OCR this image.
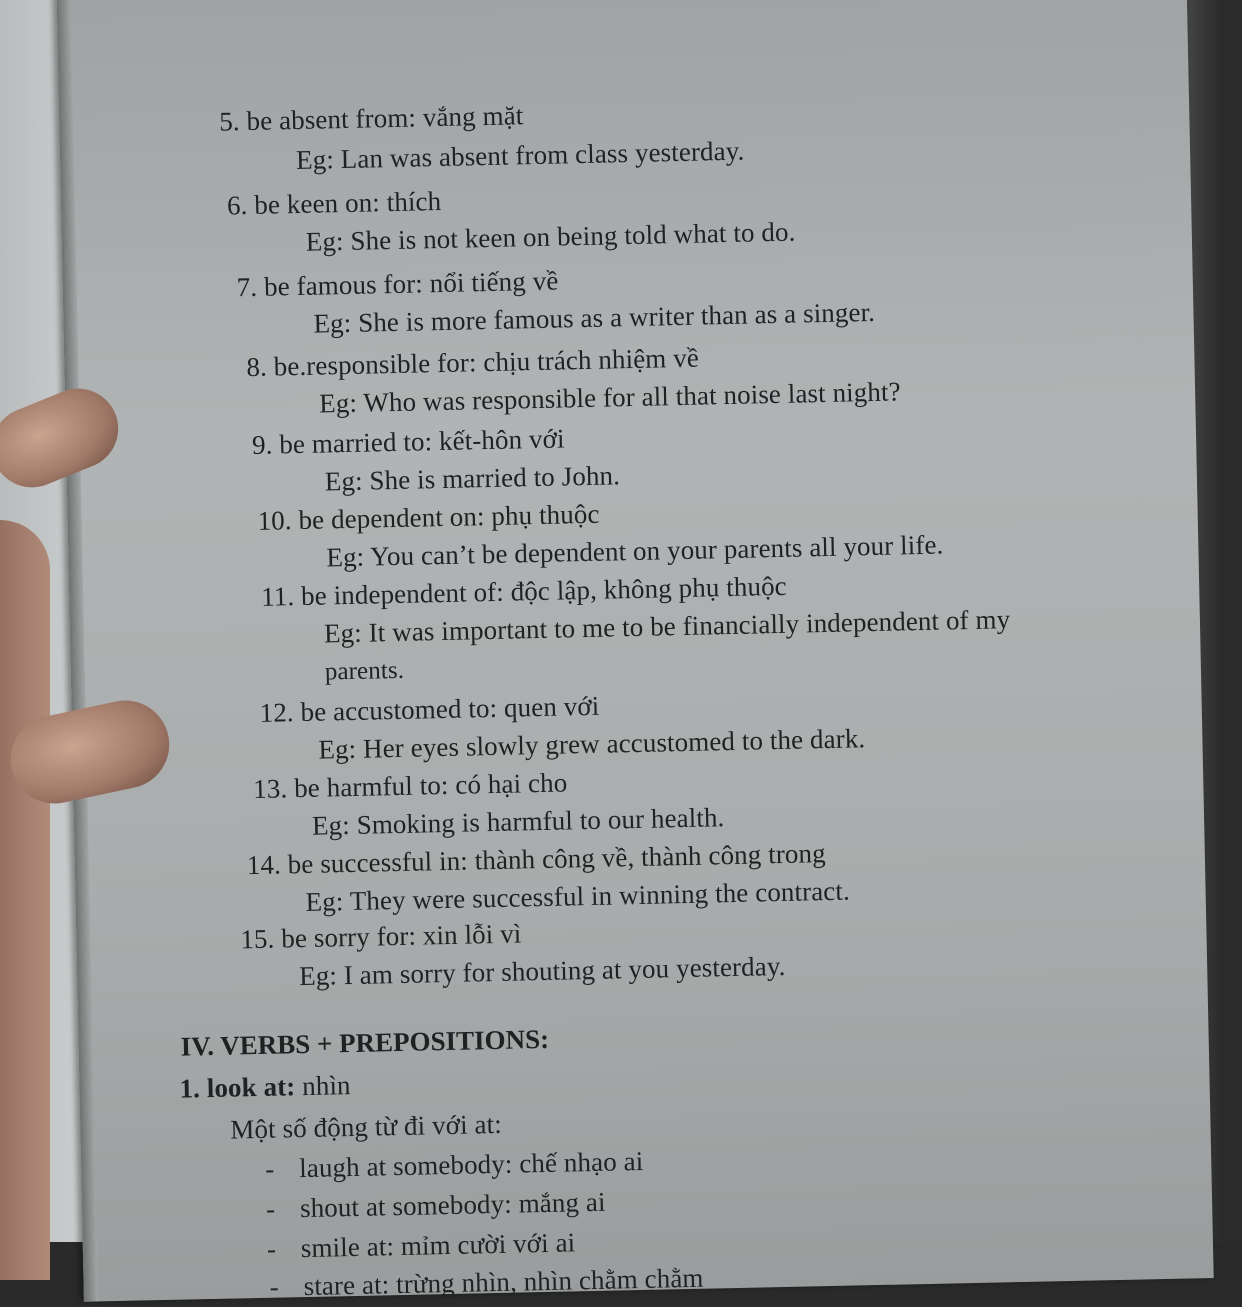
5. be absent from: vắng mặt
Eg: Lan was absent from class yesterday.
6. be keen on: thích
Eg: She is not keen on being told what to do.
7. be famous for: nổi tiếng về
Eg: She is more famous as a writer than as a singer.
8. be.responsible for: chịu trách nhiệm về
Eg: Who was responsible for all that noise last night?
9. be married to: kết-hôn với
Eg: She is married to John.
10. be dependent on: phụ thuộc
Eg: You can’t be dependent on your parents all your life.
11. be independent of: độc lập, không phụ thuộc
Eg: It was important to me to be financially independent of my
parents.
12. be accustomed to: quen với
Eg: Her eyes slowly grew accustomed to the dark.
13. be harmful to: có hại cho
Eg: Smoking is harmful to our health.
14. be successful in: thành công về, thành công trong
Eg: They were successful in winning the contract.
15. be sorry for: xin lỗi vì
Eg: I am sorry for shouting at you yesterday.
IV. VERBS + PREPOSITIONS:
1. look at: nhìn
Một số động từ đi với at:
- laugh at somebody: chế nhạo ai
- shout at somebody: mắng ai
- smile at: mỉm cười với ai
- stare at: trừng nhìn, nhìn chằm chằm
